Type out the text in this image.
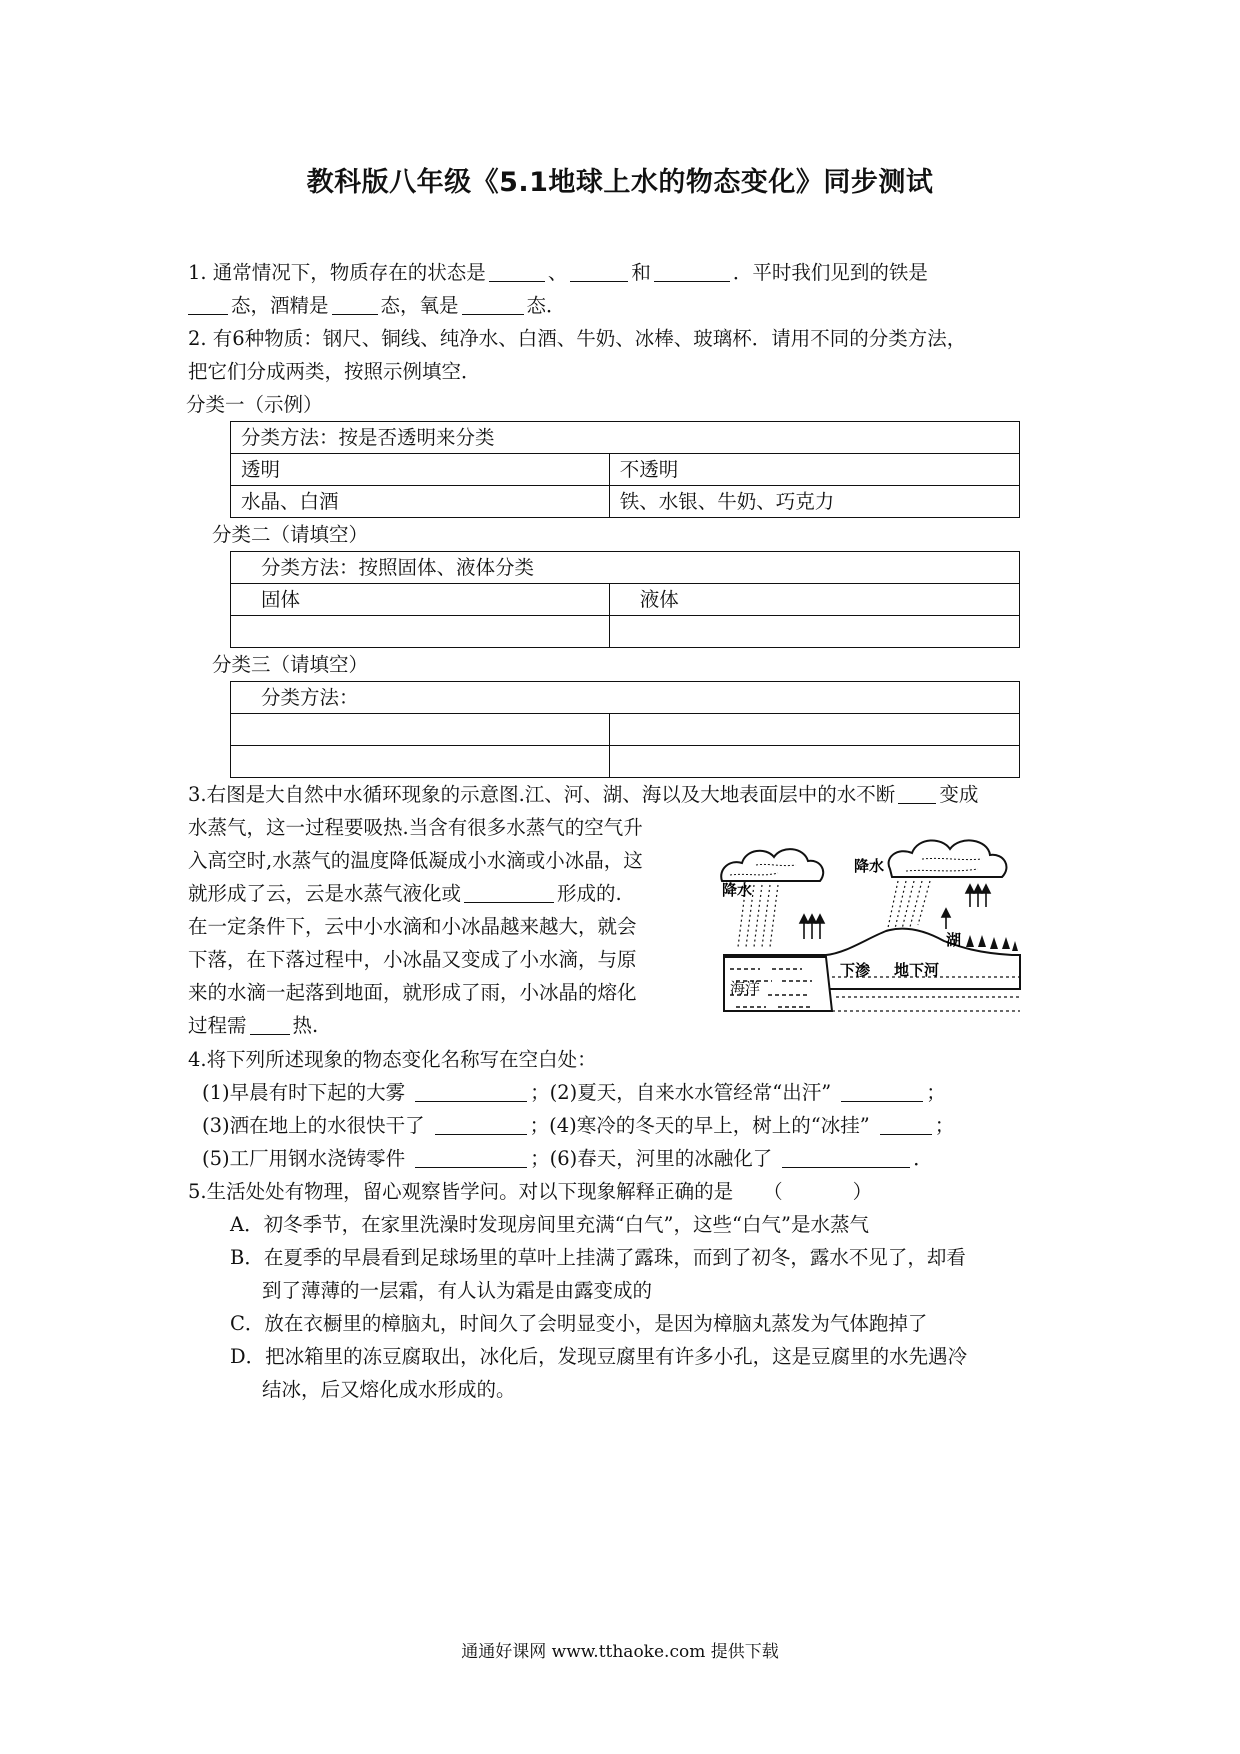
教科版八年级《5.1地球上水的物态变化》同步测试
1. 通常情况下，物质存在的状态是	、	和	．平时我们见到的铁是
态，酒精是	态，氧是	态．
2. 有6种物质：钢尺、铜线、纯净水、白酒、牛奶、冰棒、玻璃杯．请用不同的分类方法，
把它们分成两类，按照示例填空．
分类一（示例）
分类方法：按是否透明来分类	
透明	不透明
水晶、白酒	铁、水银、牛奶、巧克力
分类二（请填空）
分类方法：按照固体、液体分类	
固体	液体

分类三（请填空）
分类方法：	

3.右图是大自然中水循环现象的示意图.江、河、湖、海以及大地表面层中的水不断 变成
水蒸气，这一过程要吸热.当含有很多水蒸气的空气升
入高空时,水蒸气的温度降低凝成小水滴或小冰晶，这
就形成了云，云是水蒸气液化或	形成的.
在一定条件下，云中小水滴和小冰晶越来越大，就会
下落，在下落过程中，小冰晶又变成了小水滴，与原
来的水滴一起落到地面，就形成了雨，小冰晶的熔化
过程需 热.
降水
降水
湖
海洋
下渗 地下河
4.将下列所述现象的物态变化名称写在空白处：
(1)早晨有时下起的大雾	；(2)夏天，自来水水管经常“出汗”	；
(3)洒在地上的水很快干了	；(4)寒冷的冬天的早上，树上的“冰挂”	；
(5)工厂用钢水浇铸零件	；(6)春天，河里的冰融化了	．
5.生活处处有物理，留心观察皆学问。对以下现象解释正确的是 （	）
A．初冬季节，在家里洗澡时发现房间里充满“白气”，这些“白气”是水蒸气
B．在夏季的早晨看到足球场里的草叶上挂满了露珠，而到了初冬，露水不见了，却看
到了薄薄的一层霜，有人认为霜是由露变成的
C．放在衣橱里的樟脑丸，时间久了会明显变小，是因为樟脑丸蒸发为气体跑掉了
D．把冰箱里的冻豆腐取出，冰化后，发现豆腐里有许多小孔，这是豆腐里的水先遇冷
结冰，后又熔化成水形成的。
通通好课网 www.tthaoke.com 提供下载
